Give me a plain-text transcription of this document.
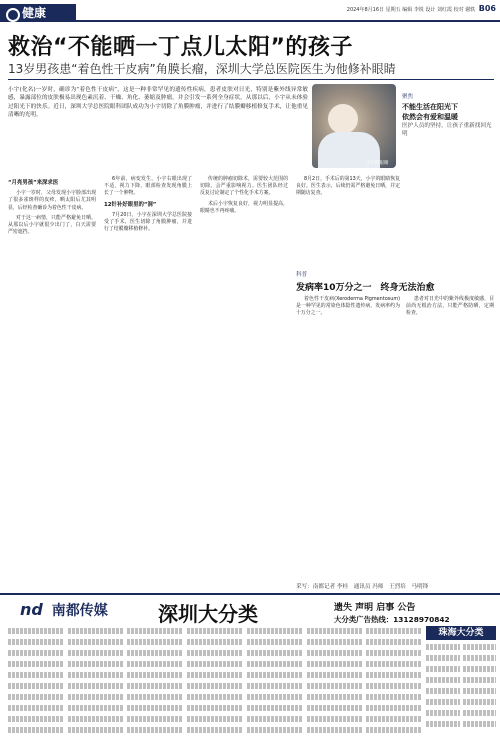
健康	2024年8月16日 星期五 编辑 李锐 设计 刘红霞 校对 谢轶 B06
救治“不能晒一丁点儿太阳”的孩子
13岁男孩患“着色性干皮病”角膜长瘤，深圳大学总医院医生为他修补眼睛
小宇(化名)一岁时，确诊为“着色性干皮病”，这是一种非常罕见的遗传性疾病，患者皮肤对日光，特别是紫外线异常敏感，暴露部位的皮肤极易出现色素沉着、干燥、角化、萎缩及肿瘤，并会引发一系列全身症状。从那以后，小宇从未体验过阳光下的快乐。近日，深圳大学总医院眼科团队成功为小宇切除了角膜肿瘤，并进行了结膜瓣移植修复手术，让他重见清晰的光明。
小宇的眼睛
聚焦
不能生活在阳光下
依然会有爱和温暖
医护人员的坚持，让孩子重新找回光明
“月亮男孩”来深求医

小宇一岁时，父母发现小宇脸部出现了很多雀斑样的皮疹，晒太阳后尤其明显，后经检查确诊为着色性干皮病。

对于这一病情，只能严格避免日晒。从那以后小宇就很少出门了，白天需要严密遮挡。

6年前，病变发生，小宇右眼出现了不适，视力下降，眼部检查发现角膜上长了一个肿物。

12针补好眼里的“洞”

7月20日，小宇在深圳大学总医院接受了手术，医生切除了角膜肿瘤，并进行了结膜瓣移植修补。

传统的肿瘤切除术，需要较大范围的切除，会严重影响视力。医生团队经过反复讨论制定了个性化手术方案。

术后小宇恢复良好，视力明显提高，眼睛也不再疼痛。

8月2日，手术后的第13天，小宇的眼睛恢复良好。医生表示，后续仍需严格避免日晒，并定期随访复查。

科普
发病率10万分之一　终身无法治愈

着色性干皮病(Xeroderma Pigmentosum)是一种罕见的常染色体隐性遗传病，发病率约为十万分之一。

患者对日光中的紫外线极度敏感，目前尚无根治方法，只能严格防晒，定期检查。

采写：南都记者 李桂　通讯员 冯师　王烈培　马明锋
nd 南都传媒	深圳大分类	遗失 声明 启事 公告
大分类广告热线：13128970842
珠海大分类
